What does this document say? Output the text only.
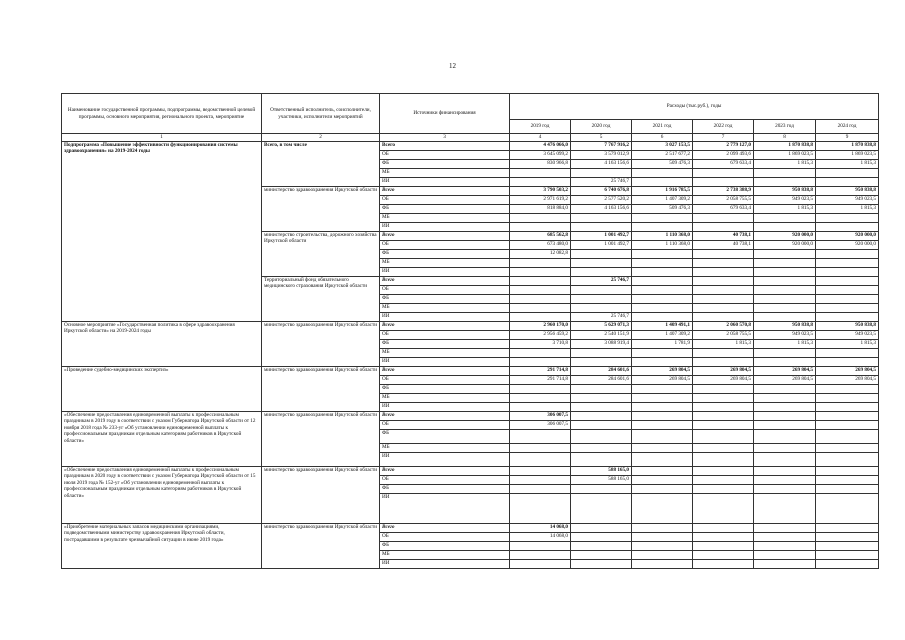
12
Наименование государственной программы, подпрограммы, ведомственной целевой программы, основного мероприятия, регионального проекта, мероприятие	Ответственный исполнитель, соисполнители, участники, исполнители мероприятий	Источники финансирования	Расходы (тыс.руб.), годы					
			2019 год	2020 год	2021 год	2022 год	2023 год	2024 год
1	2	3	4	5	6	7	8	9
Подпрограмма «Повышение эффективности функционирования системы здравоохранения» на 2019-2024 годы	Всего, в том числе	Всего	4 476 066,0	7 767 916,2	3 027 153,5	2 779 127,0	1 870 838,8	1 870 838,8
		ОБ	3 645 099,2	3 579 012,9	2 517 677,2	2 099 493,6	1 869 023,5	1 869 023,5
		ФБ	830 966,8	4 163 156,6	509 476,3	679 633,4	1 815,3	1 815,3
		МБ						
		ИИ		25 746,7				
	министерство здравоохранения Иркутской области	Всего	3 790 503,2	6 740 676,8	1 916 785,5	2 738 388,9	950 838,8	950 838,8
		ОБ	2 971 619,2	2 577 520,2	1 407 309,2	2 058 755,5	949 023,5	949 023,5
		ФБ	818 884,0	4 163 156,6	509 476,3	679 633,4	1 815,3	1 815,3
		МБ						
		ИИ						
	министерство строительства, дорожного хозяйства Иркутской области	Всего	685 562,8	1 001 492,7	1 110 368,0	40 738,1	920 000,0	920 000,0
		ОБ	673 480,0	1 001 492,7	1 110 368,0	40 738,1	920 000,0	920 000,0
		ФБ	12 082,8					
		МБ						
		ИИ						
	Территориальный фонд обязательного медицинского страхования Иркутской области	Всего		25 746,7				
		ОБ						
		ФБ						
		МБ						
		ИИ		25 746,7				
Основное мероприятие «Государственная политика в сфере здравоохранения Иркутской области» на 2019-2024 годы	министерство здравоохранения Иркутской области	Всего	2 960 170,0	5 629 071,3	1 409 491,1	2 060 570,8	950 838,8	950 838,8
		ОБ	2 956 459,2	2 540 151,9	1 407 309,2	2 058 755,5	949 023,5	949 023,5
		ФБ	3 710,8	3 088 919,4	1 781,9	1 815,3	1 815,3	1 815,3
		МБ						
		ИИ						
«Проведение судебно-медицинских экспертиз»	министерство здравоохранения Иркутской области	Всего	291 714,8	284 601,6	269 804,5	269 804,5	269 804,5	269 804,5
		ОБ	291 714,8	284 601,6	269 804,5	269 804,5	269 804,5	269 804,5
		ФБ						
		МБ						
		ИИ						
«Обеспечение предоставления единовременной выплаты к профессиональным праздникам в 2019 году в соответствии с указом Губернатора Иркутской области от 12 ноября 2018 года № 233-уг «Об установлении единовременной выплаты к профессиональным праздникам отдельным категориям работников в Иркутской области»	министерство здравоохранения Иркутской области	Всего	306 007,5					
		ОБ	306 007,5					
		ФБ						
		МБ						
		ИИ						
«Обеспечение предоставления единовременной выплаты к профессиональным праздникам в 2020 году в соответствии с указом Губернатора Иркутской области от 15 июля 2019 года № 152-уг «Об установлении единовременной выплаты к профессиональным праздникам отдельным категориям работников в Иркутской области»	министерство здравоохранения Иркутской области	Всего		588 165,0				
		ОБ		588 165,0				
		ФБ						
		ИИ						
«Приобретение материальных запасов медицинскими организациями, подведомственными министерству здравоохранения Иркутской области, пострадавшими в результате чрезвычайной ситуации в июне 2019 года»	министерство здравоохранения Иркутской области	Всего	14 068,0					
		ОБ	14 068,0					
		ФБ						
		МБ						
		ИИ						
